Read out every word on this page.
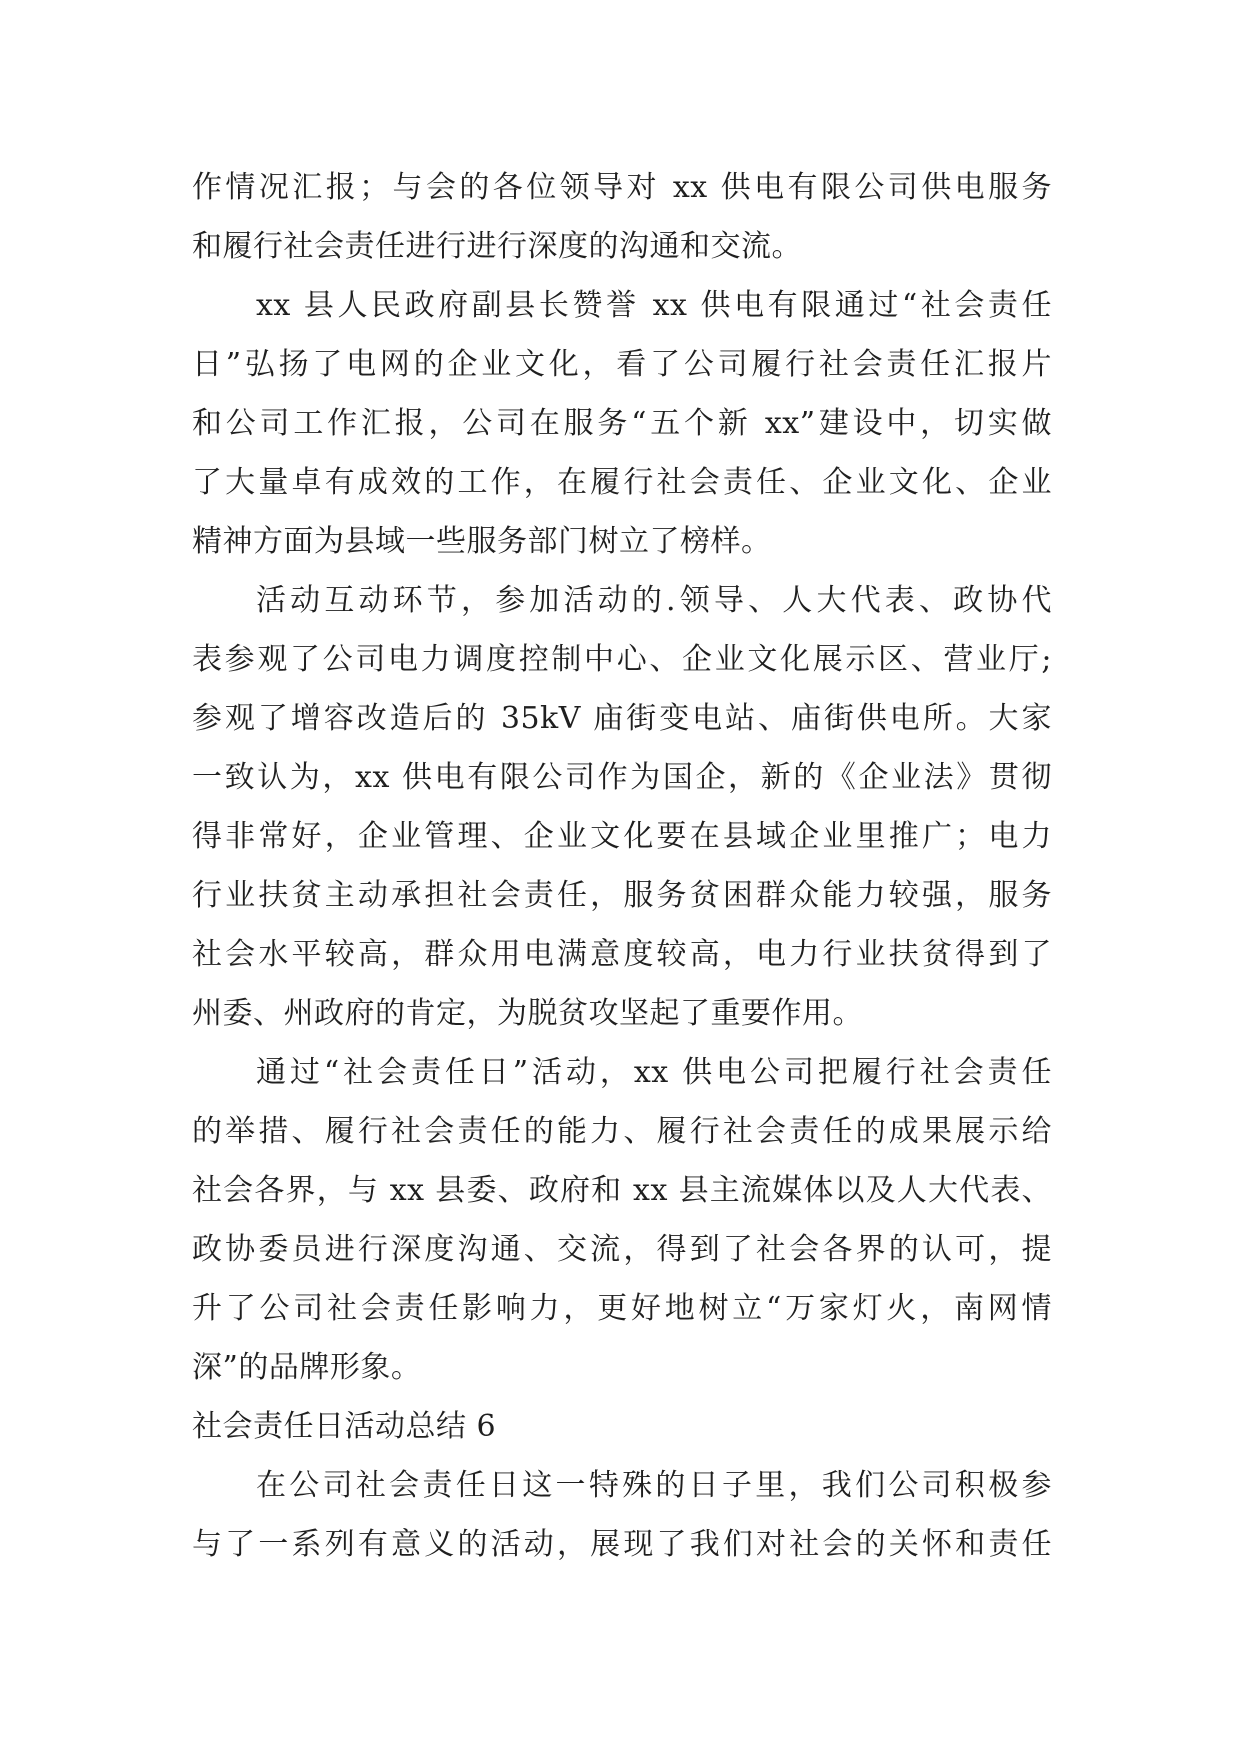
作情况汇报；与会的各位领导对 xx 供电有限公司供电服务
和履行社会责任进行进行深度的沟通和交流。
xx 县人民政府副县长赞誉 xx 供电有限通过“社会责任
日”弘扬了电网的企业文化，看了公司履行社会责任汇报片
和公司工作汇报，公司在服务“五个新 xx”建设中，切实做
了大量卓有成效的工作，在履行社会责任、企业文化、企业
精神方面为县域一些服务部门树立了榜样。
活动互动环节，参加活动的.领导、人大代表、政协代
表参观了公司电力调度控制中心、企业文化展示区、营业厅;
参观了增容改造后的 35kV 庙街变电站、庙街供电所。大家
一致认为，xx 供电有限公司作为国企，新的《企业法》贯彻
得非常好，企业管理、企业文化要在县域企业里推广；电力
行业扶贫主动承担社会责任，服务贫困群众能力较强，服务
社会水平较高，群众用电满意度较高，电力行业扶贫得到了
州委、州政府的肯定，为脱贫攻坚起了重要作用。
通过“社会责任日”活动，xx 供电公司把履行社会责任
的举措、履行社会责任的能力、履行社会责任的成果展示给
社会各界，与 xx 县委、政府和 xx 县主流媒体以及人大代表、
政协委员进行深度沟通、交流，得到了社会各界的认可，提
升了公司社会责任影响力，更好地树立“万家灯火，南网情
深”的品牌形象。
社会责任日活动总结 6
在公司社会责任日这一特殊的日子里，我们公司积极参
与了一系列有意义的活动，展现了我们对社会的关怀和责任
